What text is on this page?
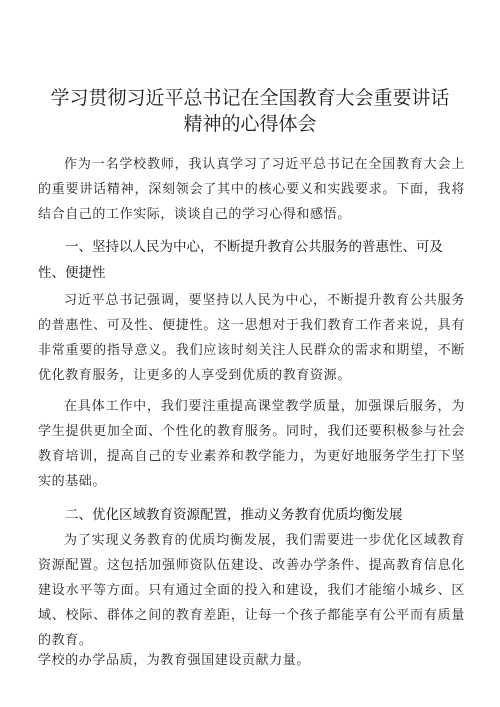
学习贯彻习近平总书记在全国教育大会重要讲话
精神的心得体会

作为一名学校教师，我认真学习了习近平总书记在全国教育大会上的重要讲话精神，深刻领会了其中的核心要义和实践要求。下面，我将结合自己的工作实际，谈谈自己的学习心得和感悟。

一、坚持以人民为中心，不断提升教育公共服务的普惠性、可及性、便捷性

习近平总书记强调，要坚持以人民为中心，不断提升教育公共服务的普惠性、可及性、便捷性。这一思想对于我们教育工作者来说，具有非常重要的指导意义。我们应该时刻关注人民群众的需求和期望，不断优化教育服务，让更多的人享受到优质的教育资源。

在具体工作中，我们要注重提高课堂教学质量，加强课后服务，为学生提供更加全面、个性化的教育服务。同时，我们还要积极参与社会教育培训，提高自己的专业素养和教学能力，为更好地服务学生打下坚实的基础。

二、优化区域教育资源配置，推动义务教育优质均衡发展

为了实现义务教育的优质均衡发展，我们需要进一步优化区域教育资源配置。这包括加强师资队伍建设、改善办学条件、提高教育信息化建设水平等方面。只有通过全面的投入和建设，我们才能缩小城乡、区域、校际、群体之间的教育差距，让每一个孩子都能享有公平而有质量的教育。

学校的办学品质，为教育强国建设贡献力量。
